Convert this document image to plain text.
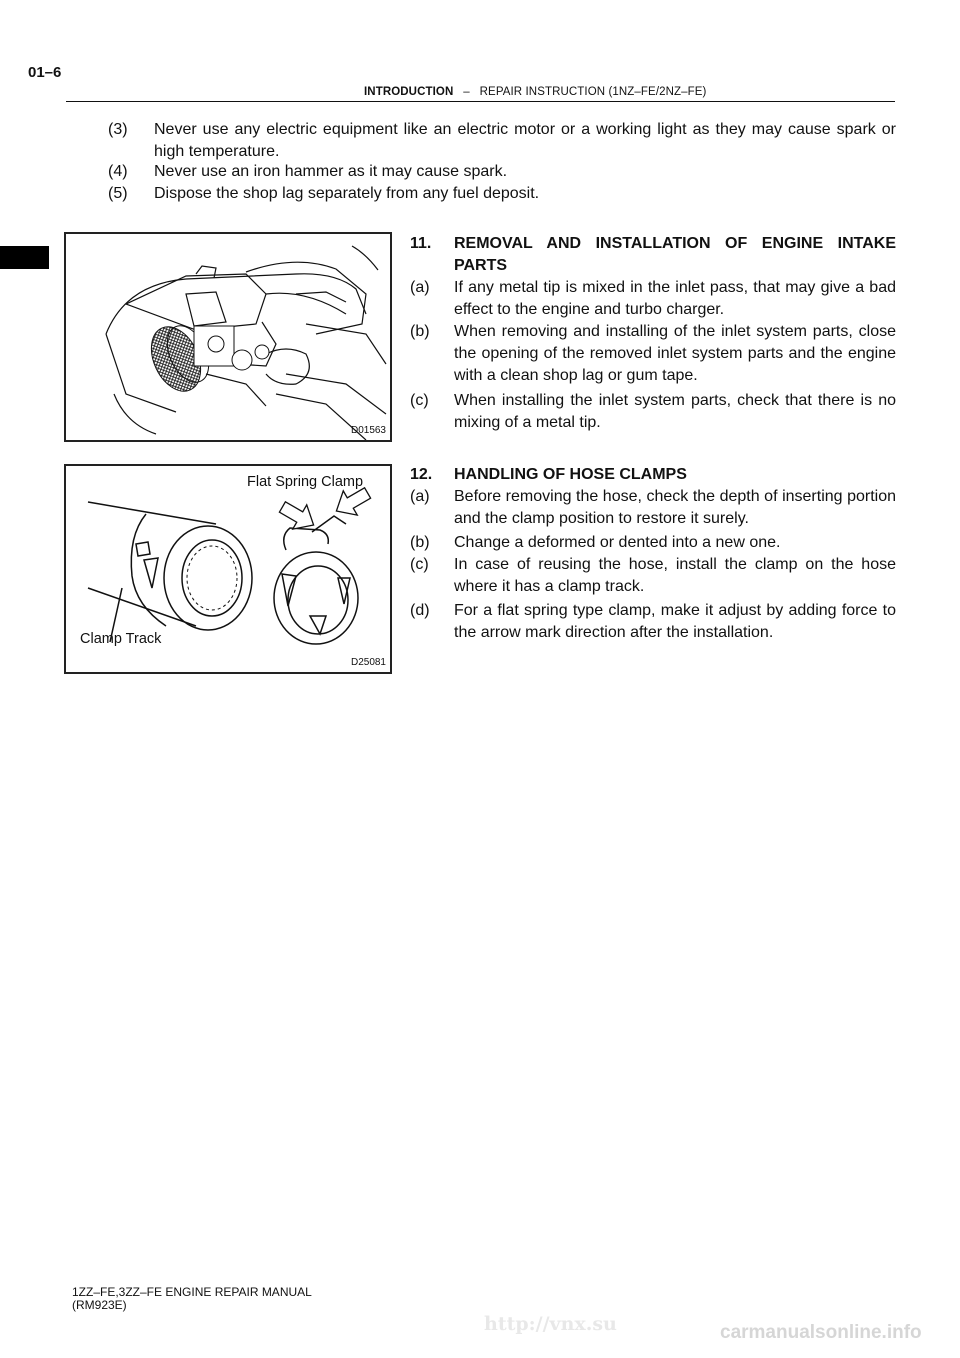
01–6
INTRODUCTION – REPAIR INSTRUCTION (1NZ–FE/2NZ–FE)
(3) Never use any electric equipment like an electric motor or a working light as they may cause spark or high temperature.
(4) Never use an iron hammer as it may cause spark.
(5) Dispose the shop lag separately from any fuel deposit.
D01563
11. REMOVAL AND INSTALLATION OF ENGINE INTAKE PARTS
(a) If any metal tip is mixed in the inlet pass, that may give a bad effect to the engine and turbo charger.
(b) When removing and installing of the inlet system parts, close the opening of the removed inlet system parts and the engine with a clean shop lag or gum tape.
(c) When installing the inlet system parts, check that there is no mixing of a metal tip.
Flat Spring Clamp
Clamp Track
D25081
12. HANDLING OF HOSE CLAMPS
(a) Before removing the hose, check the depth of inserting portion and the clamp position to restore it surely.
(b) Change a deformed or dented into a new one.
(c) In case of reusing the hose, install the clamp on the hose where it has a clamp track.
(d) For a flat spring type clamp, make it adjust by adding force to the arrow mark direction after the installation.
1ZZ–FE,3ZZ–FE ENGINE REPAIR MANUAL
(RM923E)
http://vnx.su	carmanualsonline.info
